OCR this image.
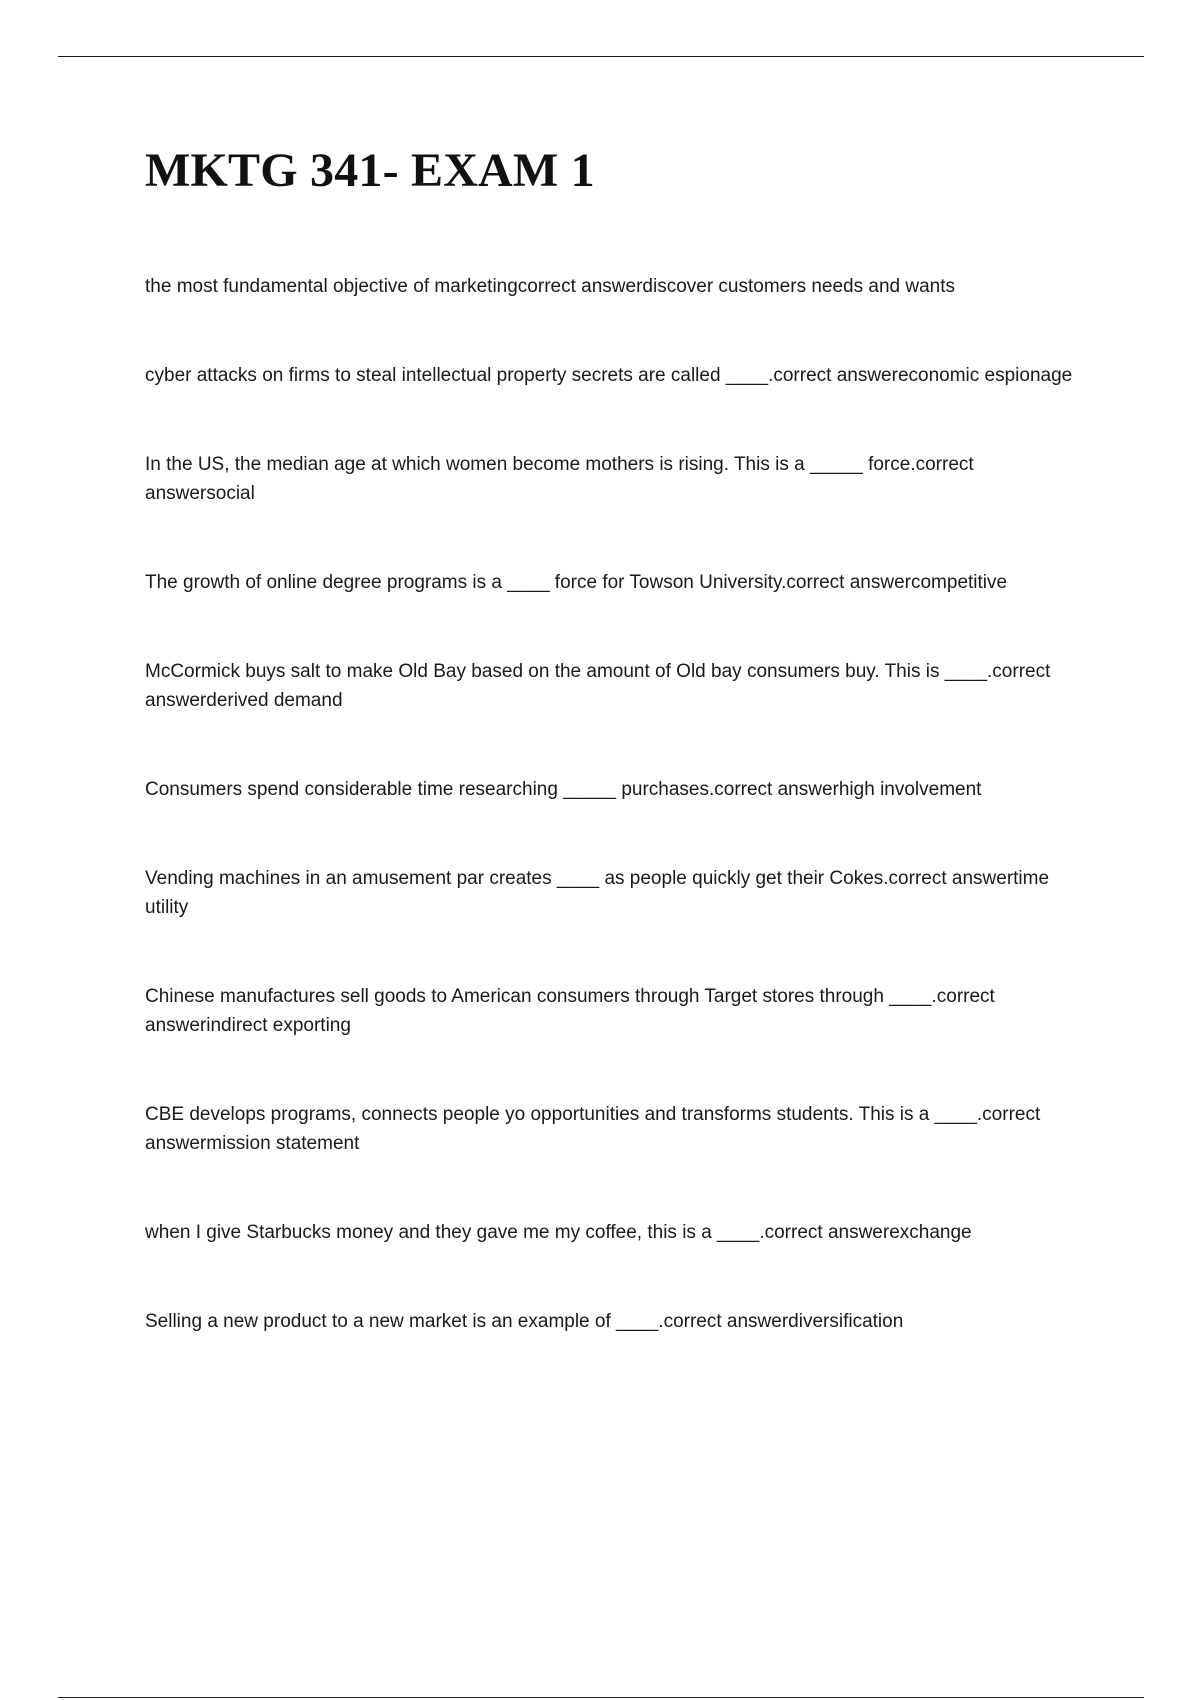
MKTG 341- EXAM 1
the most fundamental objective of marketingcorrect answerdiscover customers needs and wants
cyber attacks on firms to steal intellectual property secrets are called ____.correct answereconomic espionage
In the US, the median age at which women become mothers is rising. This is a _____ force.correct answersocial
The growth of online degree programs is a ____ force for Towson University.correct answercompetitive
McCormick buys salt to make Old Bay based on the amount of Old bay consumers buy. This is ____.correct answerderived demand
Consumers spend considerable time researching _____ purchases.correct answerhigh involvement
Vending machines in an amusement par creates ____ as people quickly get their Cokes.correct answertime utility
Chinese manufactures sell goods to American consumers through Target stores through ____.correct answerindirect exporting
CBE develops programs, connects people yo opportunities and transforms students. This is a ____.correct answermission statement
when I give Starbucks money and they gave me my coffee, this is a ____.correct answerexchange
Selling a new product to a new market is an example of ____.correct answerdiversification
